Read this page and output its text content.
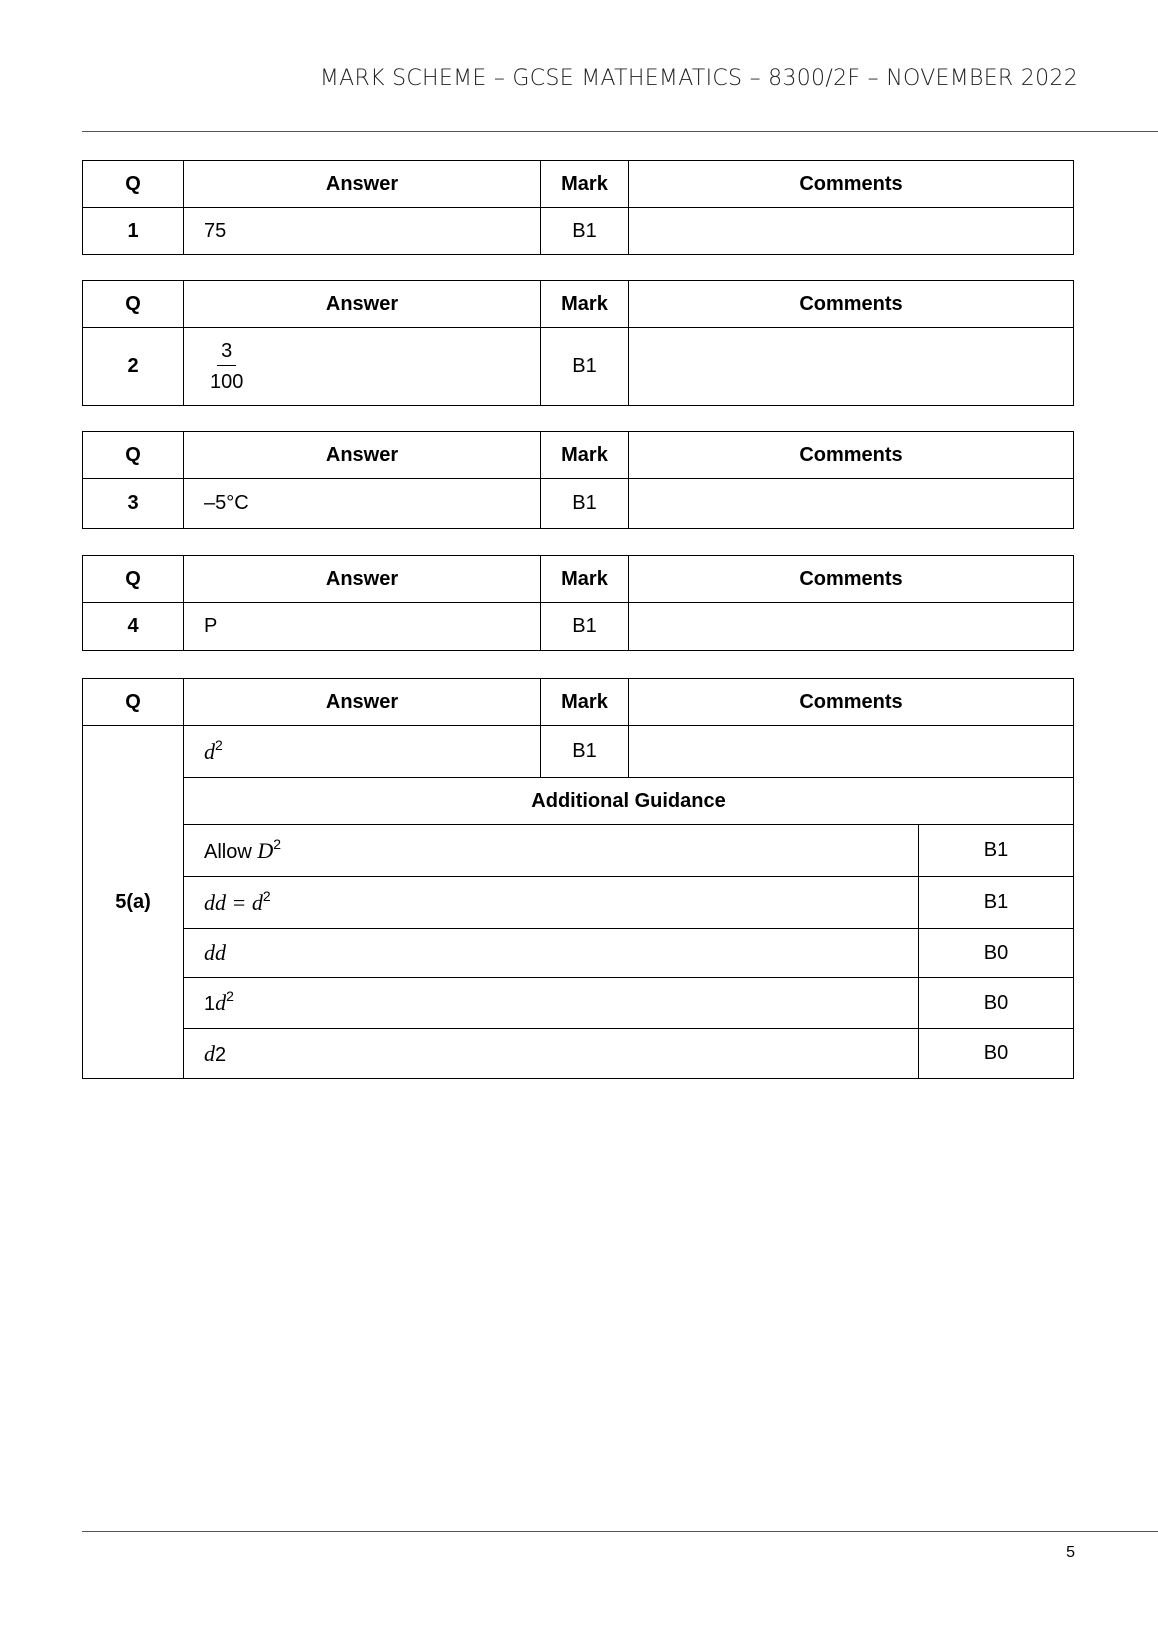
MARK SCHEME – GCSE MATHEMATICS – 8300/2F – NOVEMBER 2022
Q	Answer	Mark	Comments
1	75	B1	
Q	Answer	Mark	Comments
2	$\frac{3}{100}$	B1	
Q	Answer	Mark	Comments
3	–5°C	B1	
Q	Answer	Mark	Comments
4	P	B1	
Q	Answer	Mark	Comments	
5(a)	$d^2$	B1		
	Additional Guidance			
	Allow $D^2$			B1
	dd = $d^2$			B1
	dd			B0
	$1d^2$			B0
	d2			B0
5
